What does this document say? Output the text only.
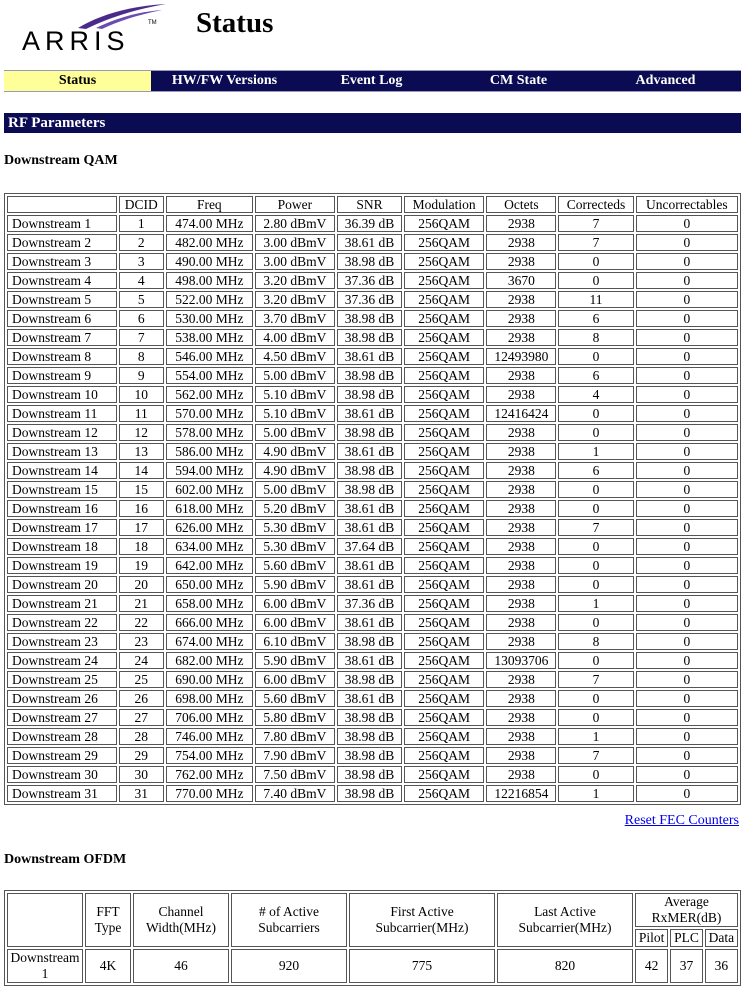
ARRIS
TM Status
Status	HW/FW Versions	Event Log	CM State	Advanced
RF Parameters
Downstream QAM
	DCID	Freq	Power	SNR	Modulation	Octets	Correcteds	Uncorrectables
Downstream 1	1	474.00 MHz	2.80 dBmV	36.39 dB	256QAM	2938	7	0
Downstream 2	2	482.00 MHz	3.00 dBmV	38.61 dB	256QAM	2938	7	0
Downstream 3	3	490.00 MHz	3.00 dBmV	38.98 dB	256QAM	2938	0	0
Downstream 4	4	498.00 MHz	3.20 dBmV	37.36 dB	256QAM	3670	0	0
Downstream 5	5	522.00 MHz	3.20 dBmV	37.36 dB	256QAM	2938	11	0
Downstream 6	6	530.00 MHz	3.70 dBmV	38.98 dB	256QAM	2938	6	0
Downstream 7	7	538.00 MHz	4.00 dBmV	38.98 dB	256QAM	2938	8	0
Downstream 8	8	546.00 MHz	4.50 dBmV	38.61 dB	256QAM	12493980	0	0
Downstream 9	9	554.00 MHz	5.00 dBmV	38.98 dB	256QAM	2938	6	0
Downstream 10	10	562.00 MHz	5.10 dBmV	38.98 dB	256QAM	2938	4	0
Downstream 11	11	570.00 MHz	5.10 dBmV	38.61 dB	256QAM	12416424	0	0
Downstream 12	12	578.00 MHz	5.00 dBmV	38.98 dB	256QAM	2938	0	0
Downstream 13	13	586.00 MHz	4.90 dBmV	38.61 dB	256QAM	2938	1	0
Downstream 14	14	594.00 MHz	4.90 dBmV	38.98 dB	256QAM	2938	6	0
Downstream 15	15	602.00 MHz	5.00 dBmV	38.98 dB	256QAM	2938	0	0
Downstream 16	16	618.00 MHz	5.20 dBmV	38.61 dB	256QAM	2938	0	0
Downstream 17	17	626.00 MHz	5.30 dBmV	38.61 dB	256QAM	2938	7	0
Downstream 18	18	634.00 MHz	5.30 dBmV	37.64 dB	256QAM	2938	0	0
Downstream 19	19	642.00 MHz	5.60 dBmV	38.61 dB	256QAM	2938	0	0
Downstream 20	20	650.00 MHz	5.90 dBmV	38.61 dB	256QAM	2938	0	0
Downstream 21	21	658.00 MHz	6.00 dBmV	37.36 dB	256QAM	2938	1	0
Downstream 22	22	666.00 MHz	6.00 dBmV	38.61 dB	256QAM	2938	0	0
Downstream 23	23	674.00 MHz	6.10 dBmV	38.98 dB	256QAM	2938	8	0
Downstream 24	24	682.00 MHz	5.90 dBmV	38.61 dB	256QAM	13093706	0	0
Downstream 25	25	690.00 MHz	6.00 dBmV	38.98 dB	256QAM	2938	7	0
Downstream 26	26	698.00 MHz	5.60 dBmV	38.61 dB	256QAM	2938	0	0
Downstream 27	27	706.00 MHz	5.80 dBmV	38.98 dB	256QAM	2938	0	0
Downstream 28	28	746.00 MHz	7.80 dBmV	38.98 dB	256QAM	2938	1	0
Downstream 29	29	754.00 MHz	7.90 dBmV	38.98 dB	256QAM	2938	7	0
Downstream 30	30	762.00 MHz	7.50 dBmV	38.98 dB	256QAM	2938	0	0
Downstream 31	31	770.00 MHz	7.40 dBmV	38.98 dB	256QAM	12216854	1	0
Reset FEC Counters
Downstream OFDM
	FFT Type	Channel Width(MHz)	# of Active Subcarriers	First Active Subcarrier(MHz)	Last Active Subcarrier(MHz)	Average RxMER(dB)		
						Pilot	PLC	Data
Downstream 1	4K	46	920	775	820	42	37	36
